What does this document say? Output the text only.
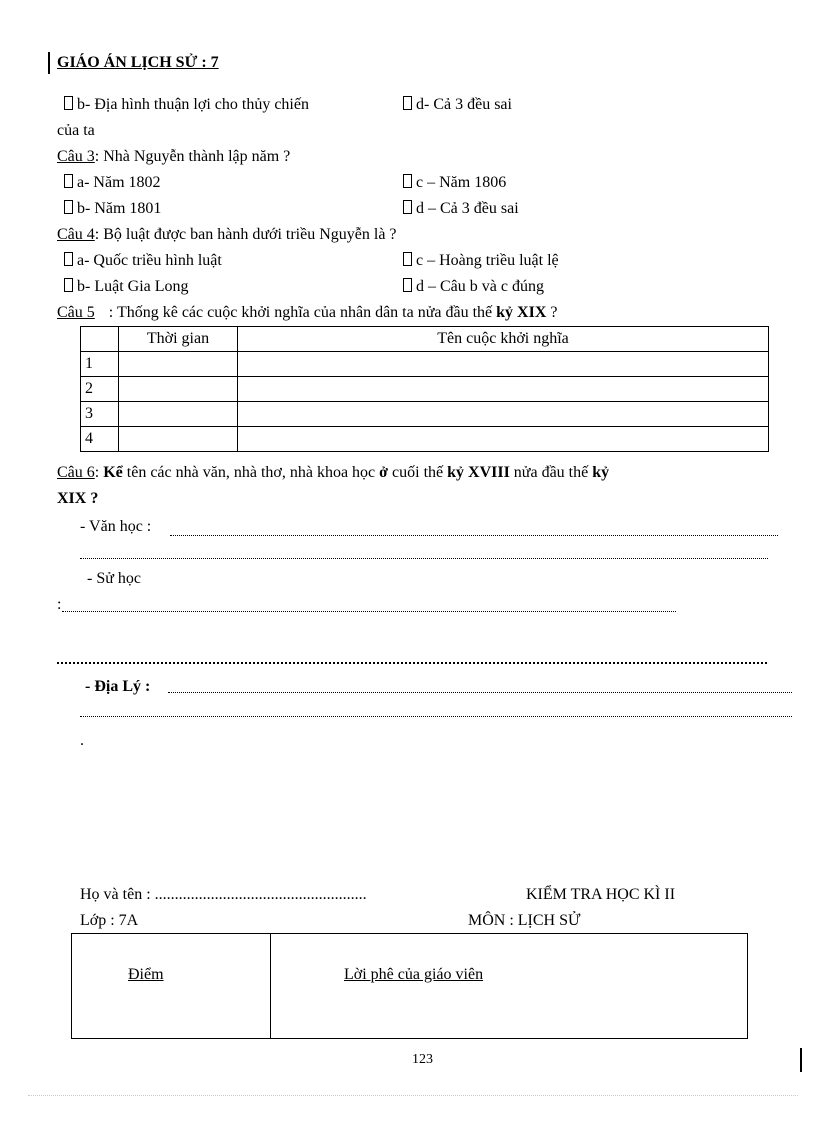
GIÁO ÁN LỊCH SỬ : 7
b- Địa hình thuận lợi cho thủy chiến	d- Cả 3 đều sai
của ta
Câu 3: Nhà Nguyễn thành lập năm ?
a- Năm 1802	c – Năm 1806
b- Năm 1801	d – Cả 3 đều sai
Câu 4: Bộ luật được ban hành dưới triều Nguyễn là ?
a- Quốc triều hình luật	c – Hoàng triều luật lệ
b- Luật Gia Long	d – Câu b và c đúng
Câu 5 : Thống kê các cuộc khởi nghĩa của nhân dân ta nửa đầu thế kỷ XIX ?
	Thời gian	Tên cuộc khởi nghĩa
1		
2		
3		
4		
Câu 6: Kể tên các nhà văn, nhà thơ, nhà khoa học ở cuối thế kỷ XVIII nửa đầu thế kỷ
XIX ?
- Văn học :
- Sử học
:
- Địa Lý :
.
Họ và tên : .....................................................	KIỂM TRA HỌC KÌ II
Lớp : 7A	MÔN : LỊCH SỬ
Điểm	Lời phê của giáo viên
123
